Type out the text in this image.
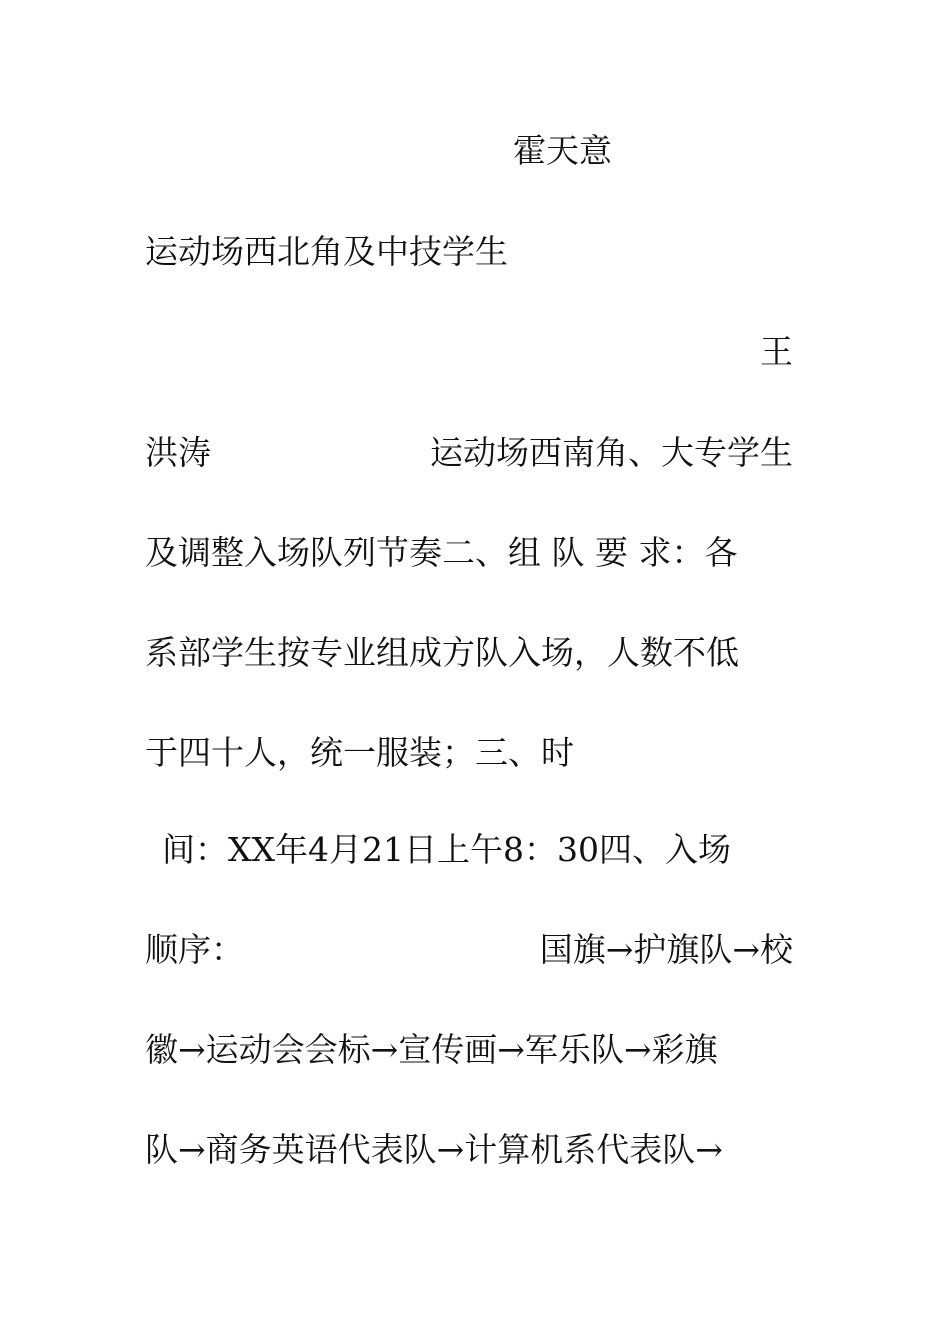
霍天意
运动场西北角及中技学生
王
洪涛	运动场西南角、大专学生
及调整入场队列节奏二、组 队 要 求：各
系部学生按专业组成方队入场，人数不低
于四十人，统一服装；三、时
间：XX年4月21日上午8：30四、入场
顺序：	国旗→护旗队→校
徽→运动会会标→宣传画→军乐队→彩旗
队→商务英语代表队→计算机系代表队→
